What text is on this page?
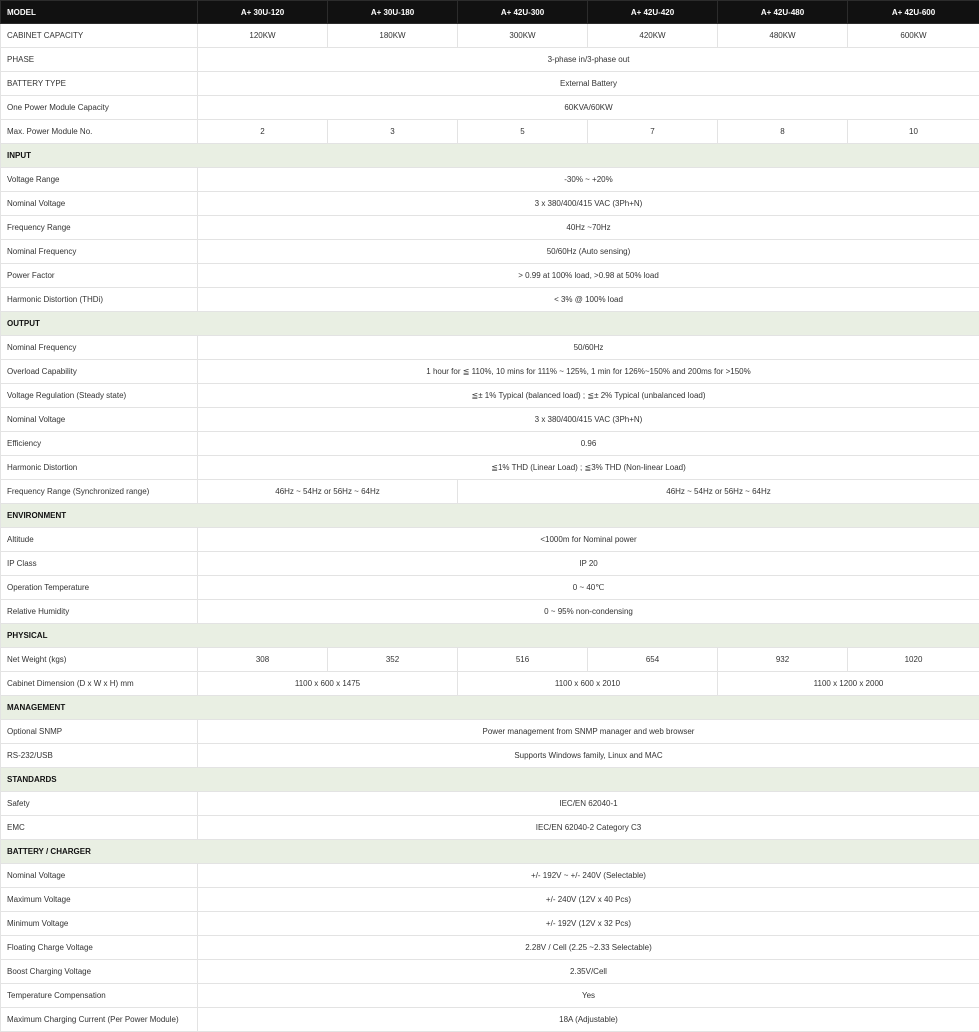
MODEL	A+ 30U-120	A+ 30U-180	A+ 42U-300	A+ 42U-420	A+ 42U-480	A+ 42U-600
CABINET CAPACITY	120KW	180KW	300KW	420KW	480KW	600KW
PHASE	3-phase in/3-phase out					
BATTERY TYPE	External Battery					
One Power Module Capacity	60KVA/60KW					
Max. Power Module No.	2	3	5	7	8	10
INPUT						
Voltage Range	-30% ~ +20%					
Nominal Voltage	3 x 380/400/415 VAC (3Ph+N)					
Frequency Range	40Hz ~70Hz					
Nominal Frequency	50/60Hz (Auto sensing)					
Power Factor	> 0.99 at 100% load, >0.98 at 50% load					
Harmonic Distortion (THDi)	< 3% @ 100% load					
OUTPUT						
Nominal Frequency	50/60Hz					
Overload Capability	1 hour for ≦ 110%, 10 mins for 111% ~ 125%, 1 min for 126%~150% and 200ms for >150%					
Voltage Regulation (Steady state)	≦± 1% Typical (balanced load) ; ≦± 2% Typical (unbalanced load)					
Nominal Voltage	3 x 380/400/415 VAC (3Ph+N)					
Efficiency	0.96					
Harmonic Distortion	≦1% THD (Linear Load) ; ≦3% THD (Non-linear Load)					
Frequency Range (Synchronized range)	46Hz ~ 54Hz or 56Hz ~ 64Hz		46Hz ~ 54Hz or 56Hz ~ 64Hz			
ENVIRONMENT						
Altitude	<1000m for Nominal power					
IP Class	IP 20					
Operation Temperature	0 ~ 40℃					
Relative Humidity	0 ~ 95% non-condensing					
PHYSICAL						
Net Weight (kgs)	308	352	516	654	932	1020
Cabinet Dimension (D x W x H) mm	1100 x 600 x 1475		1100 x 600 x 2010		1100 x 1200 x 2000	
MANAGEMENT						
Optional SNMP	Power management from SNMP manager and web browser					
RS-232/USB	Supports Windows family, Linux and MAC					
STANDARDS						
Safety	IEC/EN 62040-1					
EMC	IEC/EN 62040-2 Category C3					
BATTERY / CHARGER						
Nominal Voltage	+/- 192V ~ +/- 240V (Selectable)					
Maximum Voltage	+/- 240V (12V x 40 Pcs)					
Minimum Voltage	+/- 192V (12V x 32 Pcs)					
Floating Charge Voltage	2.28V / Cell (2.25 ~2.33 Selectable)					
Boost Charging Voltage	2.35V/Cell					
Temperature Compensation	Yes					
Maximum Charging Current (Per Power Module)	18A (Adjustable)					
